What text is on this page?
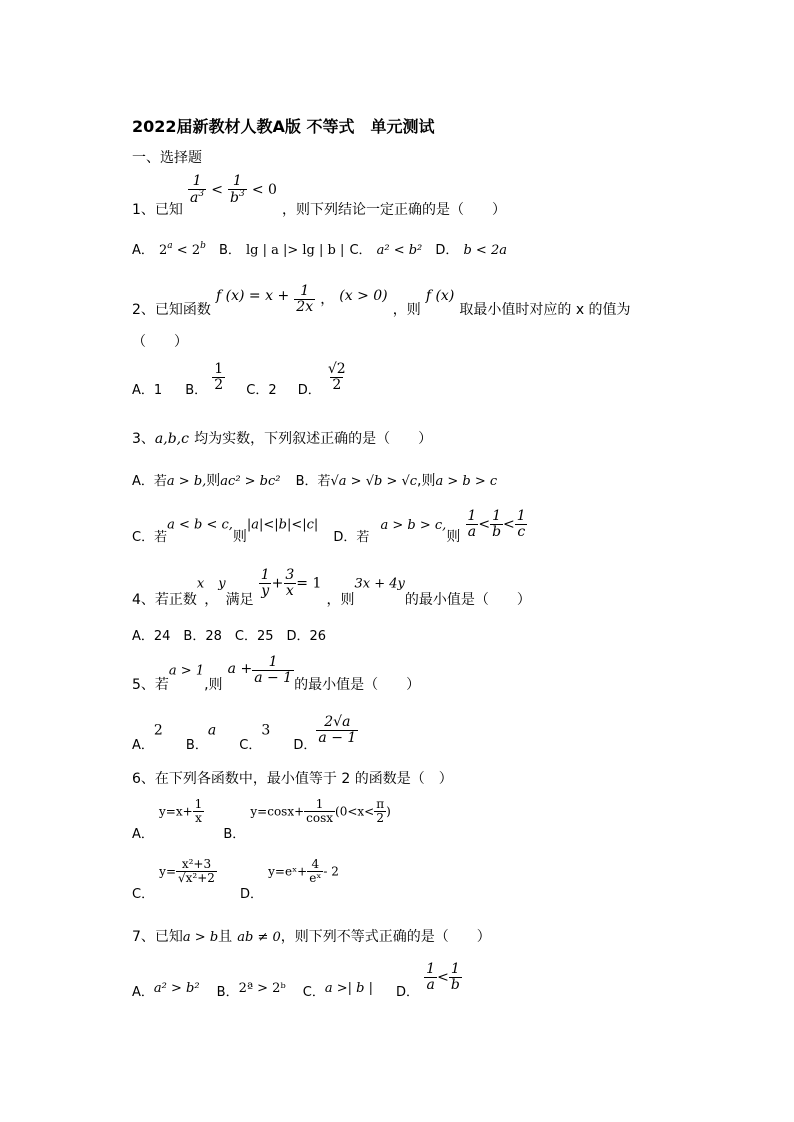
2022届新教材人教A版 不等式　单元测试
一、选择题
1、已知
$\frac{1}{a^3} < \frac{1}{b^3} < 0$ ，则下列结论一定正确的是（　　）
A． $2^a < 2^b$ B． lg | a |> lg | b | C． a² < b² D． b < 2a
2、已知函数 f $(x) = x + \frac{1}{2x}$ ， (x > 0) ，则 f (x) 取最小值时对应的 x 的值为
（　　）
$_{A.1}$ $_{B.} \frac{1}{2} _{C.2}$ $_{D.} \frac{√2}{2}$
3、a,b,c 均为实数，下列叙述正确的是（　　）
A．若a > b,则ac² > bc² B．若√a > √b > √c,则a > b > c
$_{C.若}$a < b < c,则|a|<|b|<|c| $_{D.若}$ a > b > c,则 $\frac{1}{a} < \frac{1}{b} < \frac{1}{c}$
4、若正数x，y满足
$\frac{1}{y} + \frac{3}{x} = 1$ ，则3x + 4y的最小值是（　　）
A．24　B．28　C．25　D．26
5、若a > 1,则 $a + \frac{1}{a - 1}$ 的最小值是（　　）
$_{A.}$2 $_{B.}$a $_{C.}$3 $_{D.} \frac{2√a}{a - 1}$
6、在下列各函数中，最小值等于 2 的函数是（　）
$_{A.}$ $y=x+ \frac{1}{x}$
$_{B.}$ $y=\cos x+ \frac{1}{\cos x} (0<x< \frac{\pi}{2}$ )
$_{C.}$ $y= \frac{\text{x²+3}}{\text{√x²+2}}$
$_{D.}$ y=eˣ+ $\frac{4}{\text{eˣ}} - 2$
7、已知a > b且 ab ≠ 0，则下列不等式正确的是（　　）
$_{A.a^2 > b^2}$ $_{B.2ª > 2ᵇ}$ $_{C.a >| b |}$ $_{D.} \frac{1}{a} < \frac{1}{b}$
